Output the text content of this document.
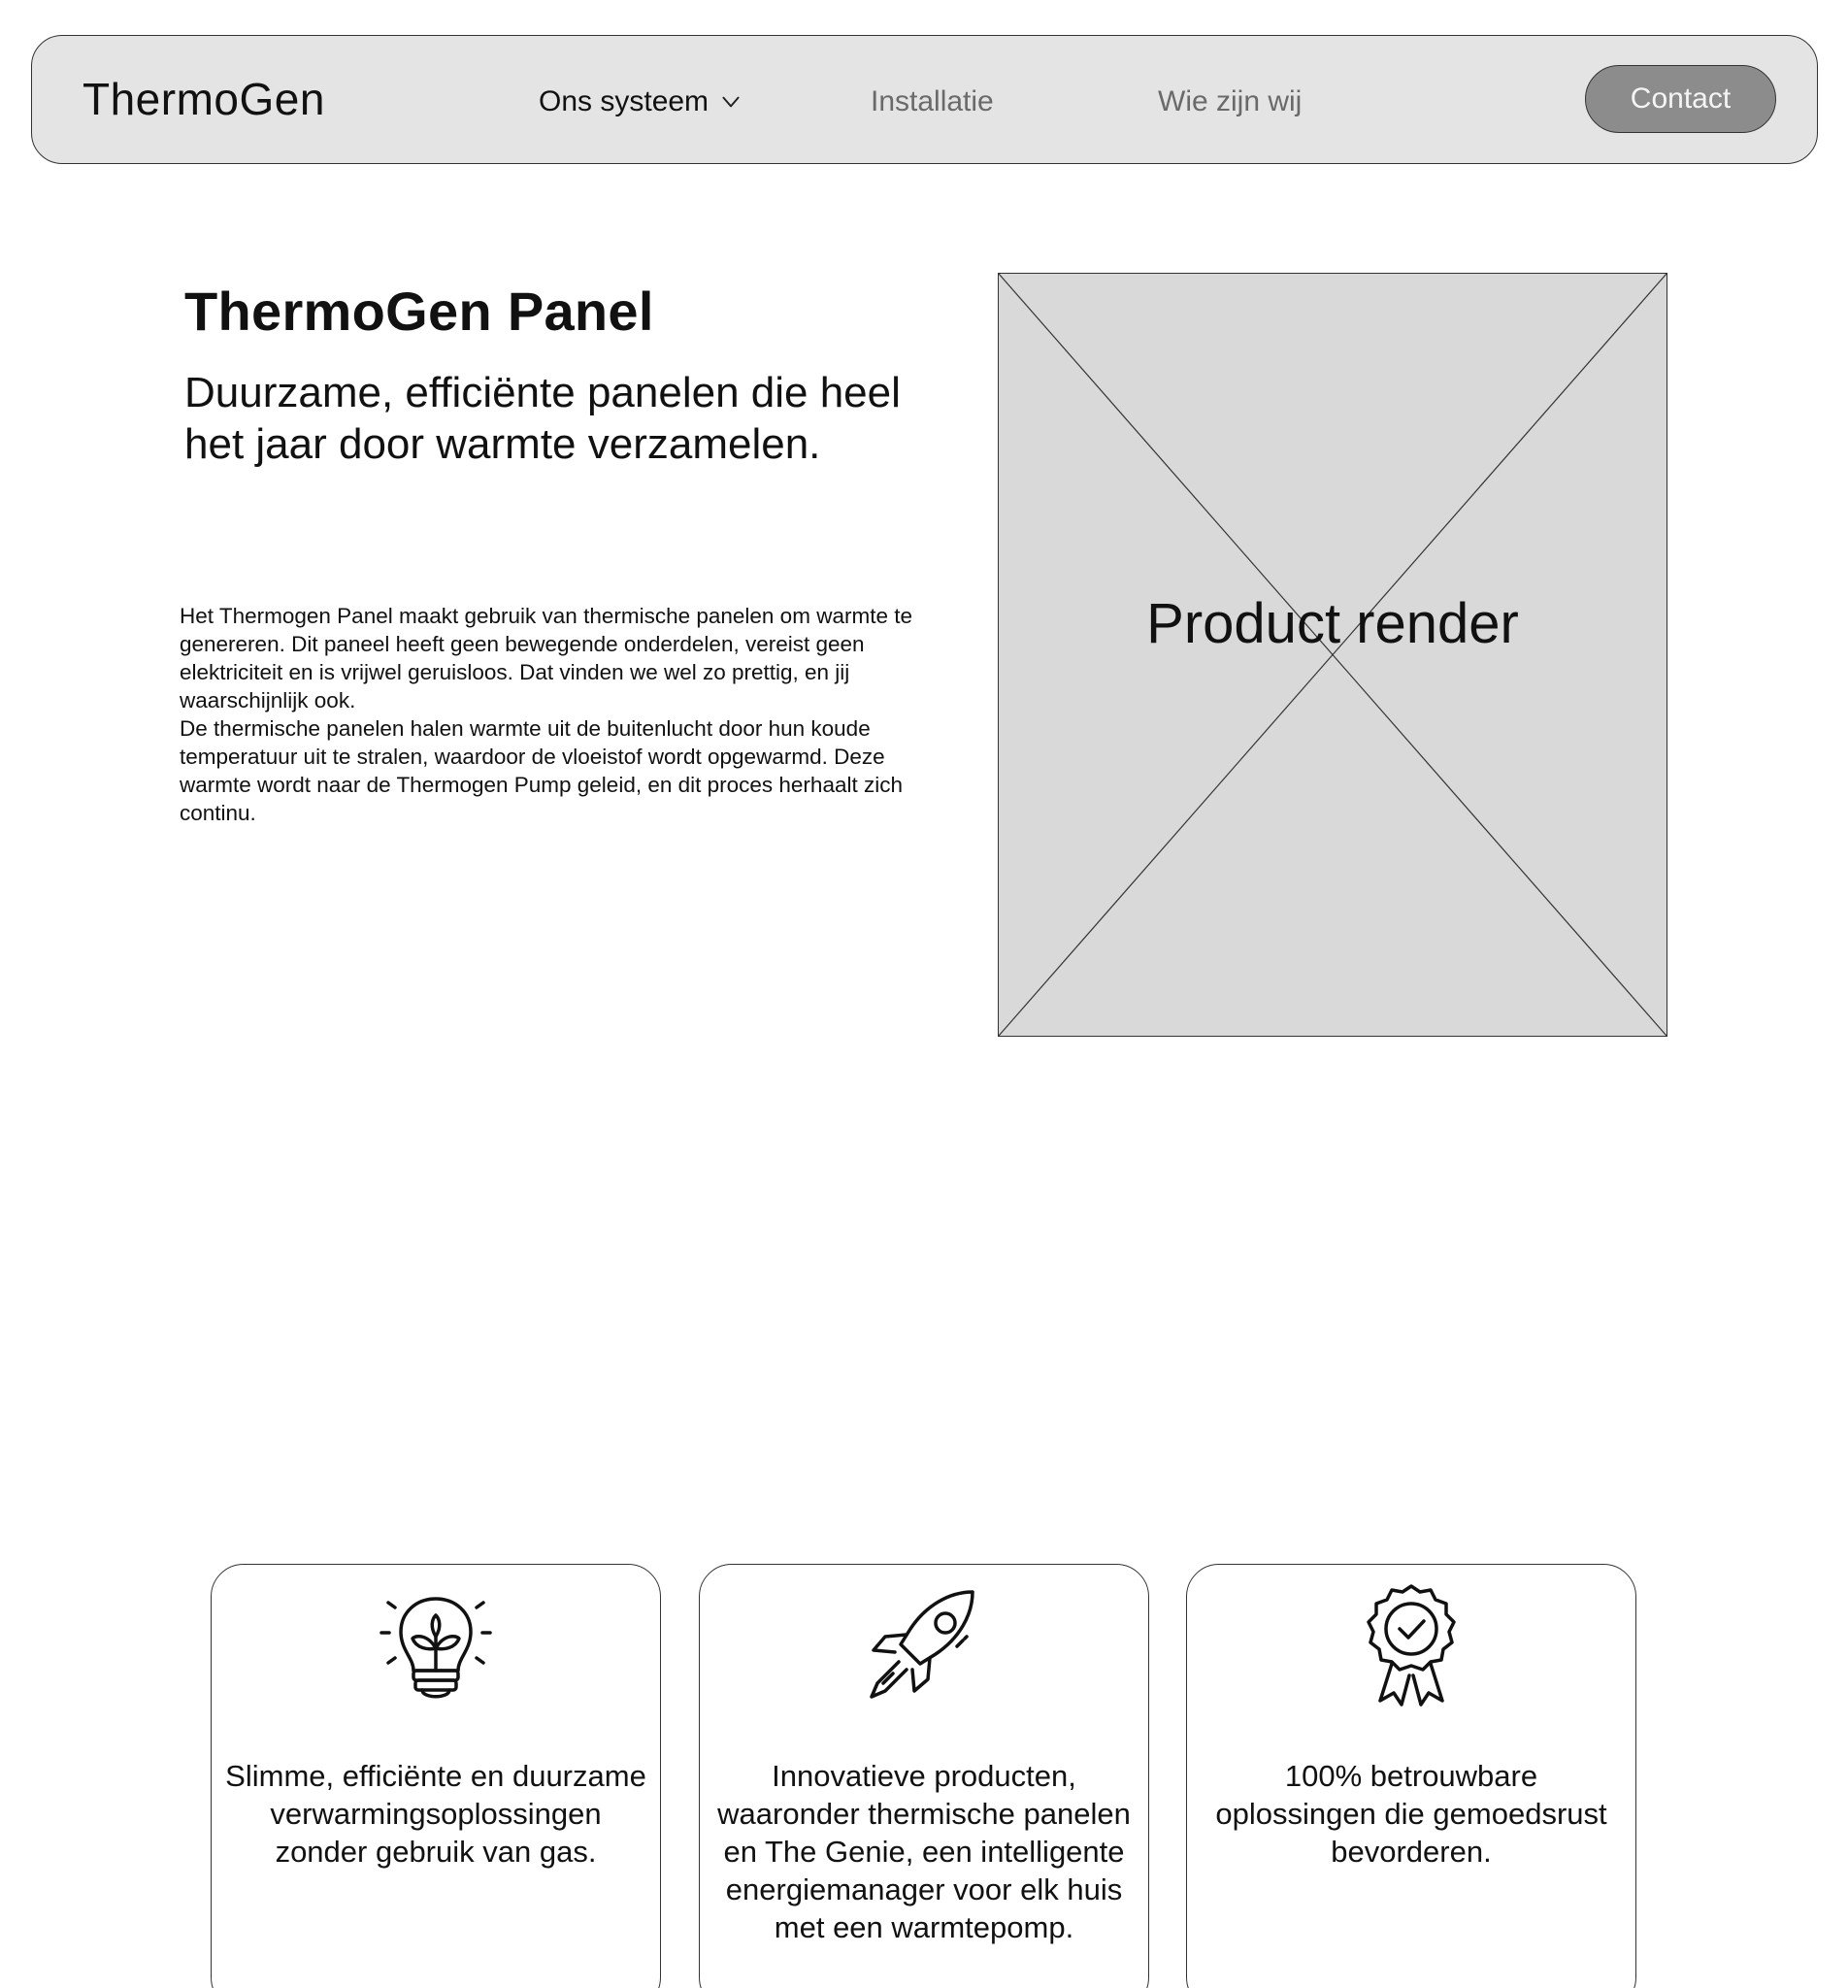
ThermoGen	Ons systeem	Installatie	Wie zijn wij	Contact
ThermoGen Panel
Duurzame, efficiënte panelen die heel het jaar door warmte verzamelen.

Het Thermogen Panel maakt gebruik van thermische panelen om warmte te genereren. Dit paneel heeft geen bewegende onderdelen, vereist geen elektriciteit en is vrijwel geruisloos. Dat vinden we wel zo prettig, en jij waarschijnlijk ook.

De thermische panelen halen warmte uit de buitenlucht door hun koude temperatuur uit te stralen, waardoor de vloeistof wordt opgewarmd. Deze warmte wordt naar de Thermogen Pump geleid, en dit proces herhaalt zich continu.

Product render
Slimme, efficiënte en duurzame verwarmingsoplossingen zonder gebruik van gas.
Innovatieve producten, waaronder thermische panelen en The Genie, een intelligente energiemanager voor elk huis met een warmtepomp.
100% betrouwbare oplossingen die gemoedsrust bevorderen.
